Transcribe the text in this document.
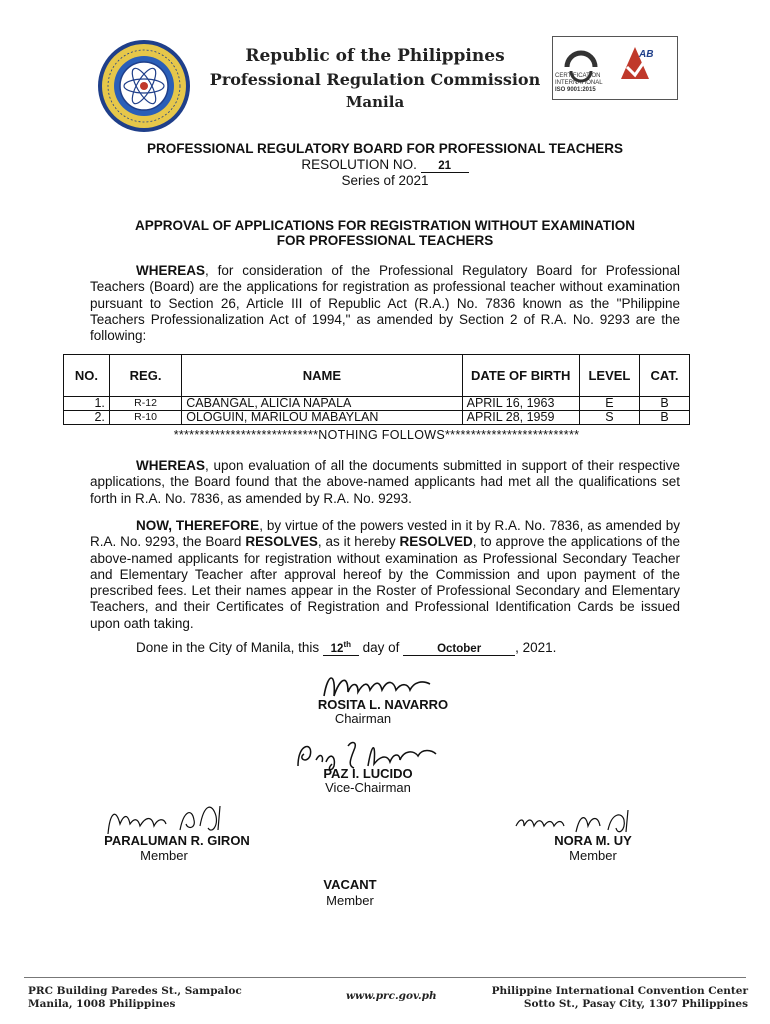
Republic of the Philippines
Professional Regulation Commission
Manila
CERTIFICATION
INTERNATIONAL
ISO 9001:2015
AB
PROFESSIONAL REGULATORY BOARD FOR PROFESSIONAL TEACHERS
RESOLUTION NO. 21
Series of 2021
APPROVAL OF APPLICATIONS FOR REGISTRATION WITHOUT EXAMINATION
FOR PROFESSIONAL TEACHERS
WHEREAS, for consideration of the Professional Regulatory Board for Professional Teachers (Board) are the applications for registration as professional teacher without examination pursuant to Section 26, Article III of Republic Act (R.A.) No. 7836 known as the "Philippine Teachers Professionalization Act of 1994," as amended by Section 2 of R.A. No. 9293 are the following:
NO.	REG.	NAME	DATE OF BIRTH	LEVEL	CAT.
1.	R-12	CABANGAL, ALICIA NAPALA	APRIL 16, 1963	E	B
2.	R-10	OLOGUIN, MARILOU MABAYLAN	APRIL 28, 1959	S	B
****************************NOTHING FOLLOWS**************************
WHEREAS, upon evaluation of all the documents submitted in support of their respective applications, the Board found that the above-named applicants had met all the qualifications set forth in R.A. No. 7836, as amended by R.A. No. 9293.
NOW, THEREFORE, by virtue of the powers vested in it by R.A. No. 7836, as amended by R.A. No. 9293, the Board RESOLVES, as it hereby RESOLVED, to approve the applications of the above-named applicants for registration without examination as Professional Secondary Teacher and Elementary Teacher after approval hereof by the Commission and upon payment of the prescribed fees. Let their names appear in the Roster of Professional Secondary and Elementary Teachers, and their Certificates of Registration and Professional Identification Cards be issued upon oath taking.
Done in the City of Manila, this 12th day of	October	, 2021.
ROSITA L. NAVARRO
Chairman
PAZ I. LUCIDO
Vice-Chairman
PARALUMAN R. GIRON
Member
NORA M. UY
Member
VACANT
Member
PRC Building Paredes St., Sampaloc
Manila, 1008 Philippines
www.prc.gov.ph	Philippine International Convention Center
Sotto St., Pasay City, 1307 Philippines
